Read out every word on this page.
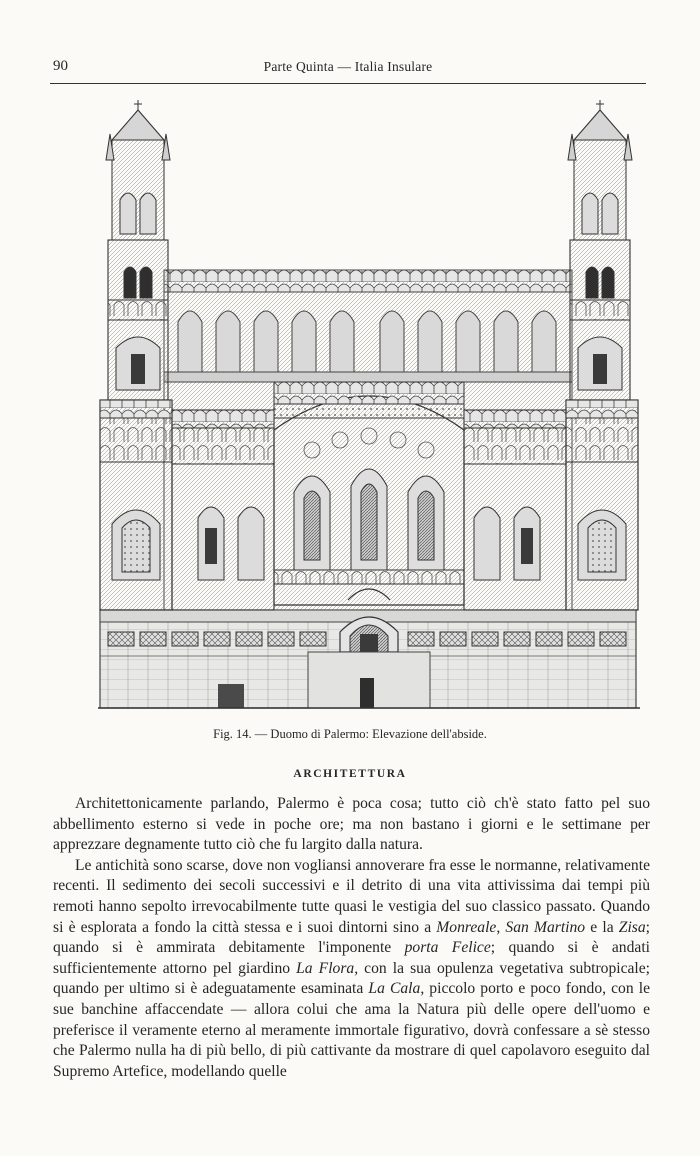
90	Parte Quinta — Italia Insulare
Fig. 14. — Duomo di Palermo: Elevazione dell'abside.
ARCHITETTURA

Architettonicamente parlando, Palermo è poca cosa; tutto ciò ch'è stato fatto pel suo abbellimento esterno si vede in poche ore; ma non bastano i giorni e le settimane per apprezzare degnamente tutto ciò che fu largito dalla natura.

Le antichità sono scarse, dove non vogliansi annoverare fra esse le normanne, relativamente recenti. Il sedimento dei secoli successivi e il detrito di una vita attivissima dai tempi più remoti hanno sepolto irrevocabilmente tutte quasi le vestigia del suo classico passato. Quando si è esplorata a fondo la città stessa e i suoi dintorni sino a Monreale, San Martino e la Zisa; quando si è ammirata debitamente l'imponente porta Felice; quando si è andati sufficientemente attorno pel giardino La Flora, con la sua opulenza vegetativa subtropicale; quando per ultimo si è adeguatamente esaminata La Cala, piccolo porto e poco fondo, con le sue banchine affaccendate — allora colui che ama la Natura più delle opere dell'uomo e preferisce il veramente eterno al meramente immortale figurativo, dovrà confessare a sè stesso che Palermo nulla ha di più bello, di più cattivante da mostrare di quel capolavoro eseguito dal Supremo Artefice, modellando quelle
